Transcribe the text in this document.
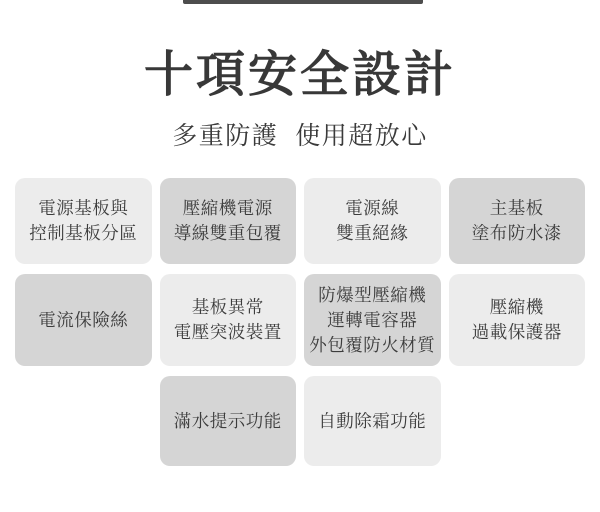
十項安全設計
多重防護  使用超放心
電源基板與
控制基板分區
壓縮機電源
導線雙重包覆
電源線
雙重絕緣
主基板
塗布防水漆
電流保險絲
基板異常
電壓突波裝置
防爆型壓縮機
運轉電容器
外包覆防火材質
壓縮機
過載保護器
滿水提示功能 自動除霜功能
